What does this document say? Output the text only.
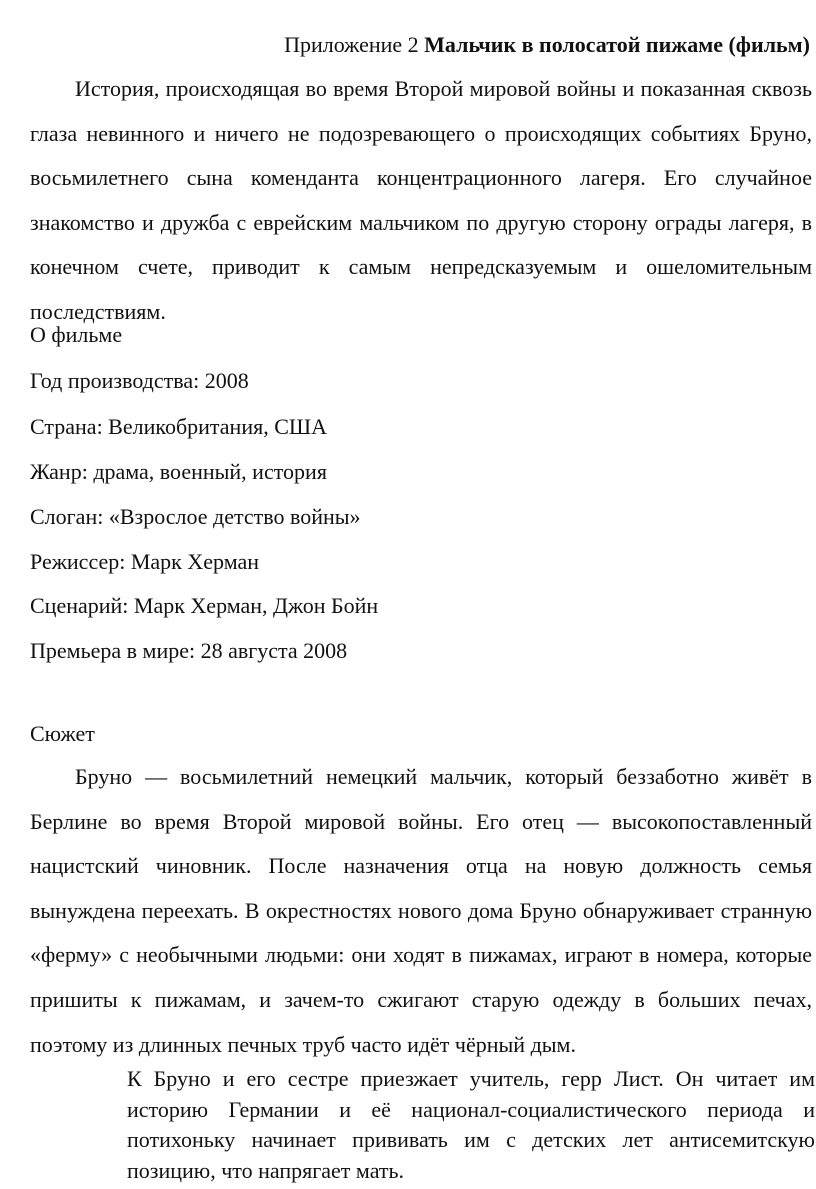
Приложение 2 Мальчик в полосатой пижаме (фильм)

История, происходящая во время Второй мировой войны и показанная сквозь глаза невинного и ничего не подозревающего о происходящих событиях Бруно, восьмилетнего сына коменданта концентрационного лагеря. Его случайное знакомство и дружба с еврейским мальчиком по другую сторону ограды лагеря, в конечном счете, приводит к самым непредсказуемым и ошеломительным последствиям.

О фильме

Год производства: 2008

Страна: Великобритания, США

Жанр: драма, военный, история

Слоган: «Взрослое детство войны»

Режиссер: Марк Херман

Сценарий: Марк Херман, Джон Бойн

Премьера в мире: 28 августа 2008

Сюжет

Бруно — восьмилетний немецкий мальчик, который беззаботно живёт в Берлине во время Второй мировой войны. Его отец — высокопоставленный нацистский чиновник. После назначения отца на новую должность семья вынуждена переехать. В окрестностях нового дома Бруно обнаруживает странную «ферму» с необычными людьми: они ходят в пижамах, играют в номера, которые пришиты к пижамам, и зачем-то сжигают старую одежду в больших печах, поэтому из длинных печных труб часто идёт чёрный дым.

К Бруно и его сестре приезжает учитель, герр Лист. Он читает им историю Германии и её национал-социалистического периода и потихоньку начинает прививать им с детских лет антисемитскую позицию, что напрягает мать.
